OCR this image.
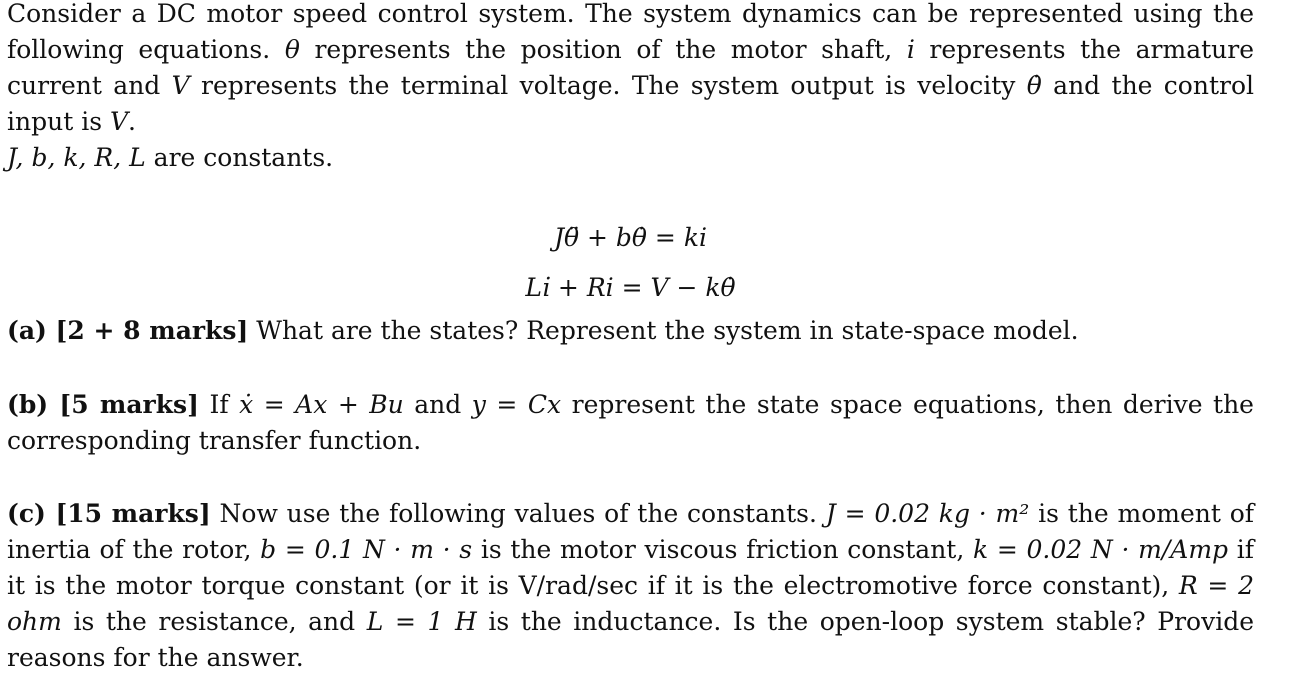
Consider a DC motor speed control system. The system dynamics can be represented using the following equations. θ represents the position of the motor shaft, i represents the armature current and V represents the terminal voltage. The system output is velocity θ̇ and the control input is V.
J, b, k, R, L are constants.

Jθ̈ + bθ̇ = ki
Li̇ + Ri = V − kθ̇

(a) [2 + 8 marks] What are the states? Represent the system in state-space model.

(b) [5 marks] If ẋ = Ax + Bu and y = Cx represent the state space equations, then derive the corresponding transfer function.

(c) [15 marks] Now use the following values of the constants. J = 0.02 kg · m² is the moment of inertia of the rotor, b = 0.1 N · m · s is the motor viscous friction constant, k = 0.02 N · m/Amp if it is the motor torque constant (or it is V/rad/sec if it is the electromotive force constant), R = 2 ohm is the resistance, and L = 1 H is the inductance. Is the open-loop system stable? Provide reasons for the answer.
